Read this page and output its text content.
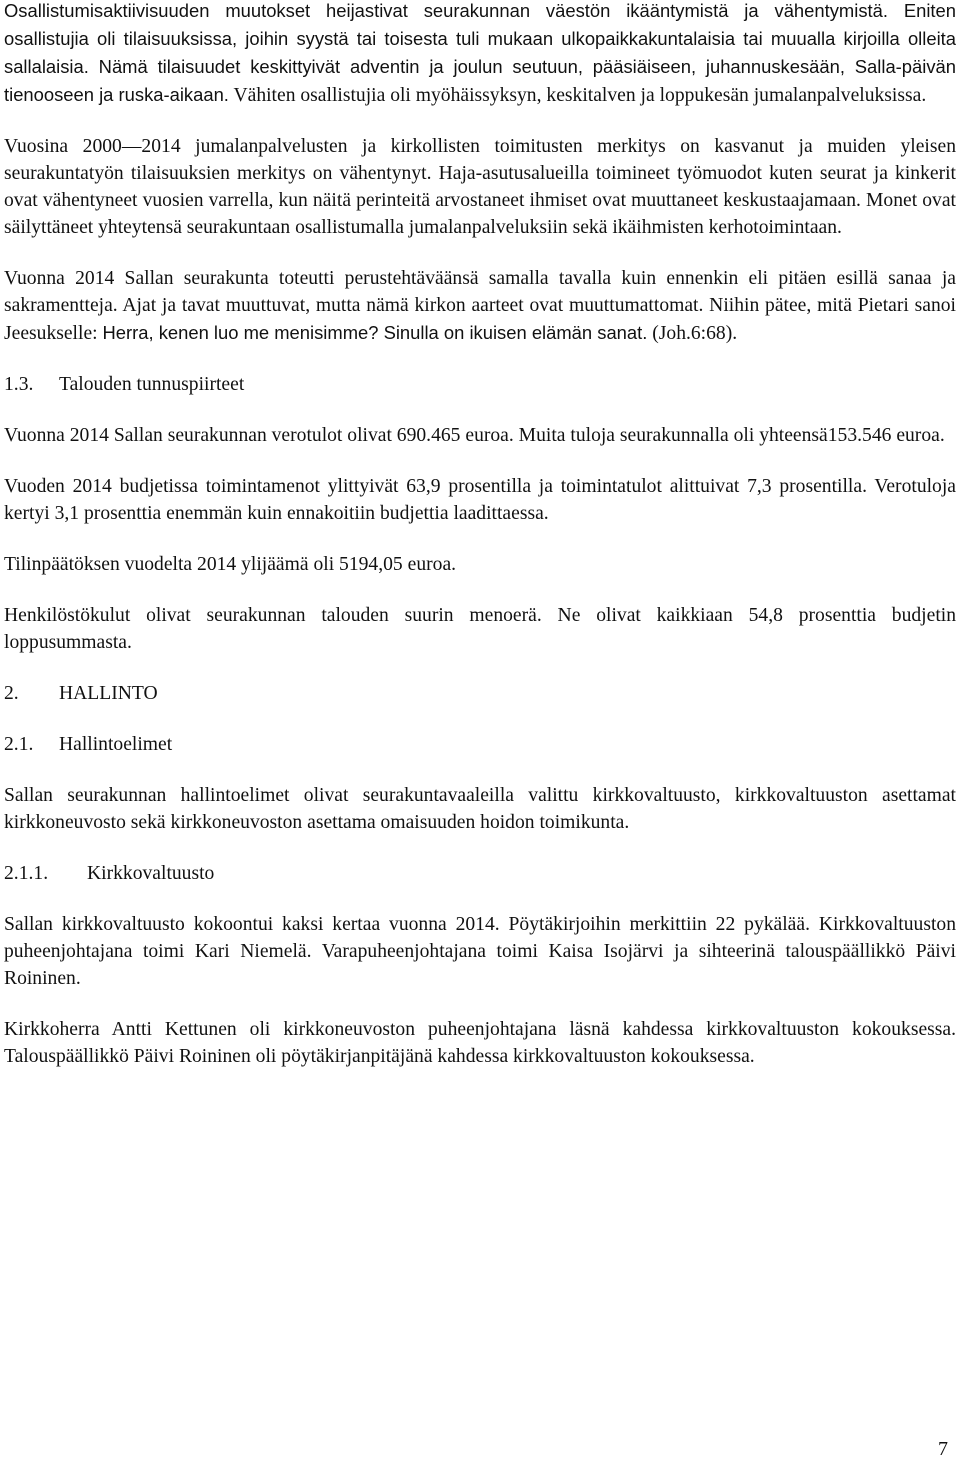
Osallistumisaktiivisuuden muutokset heijastivat seurakunnan väestön ikääntymistä ja vähentymistä. Eniten osallistujia oli tilaisuuksissa, joihin syystä tai toisesta tuli mukaan ulkopaikkakuntalaisia tai muualla kirjoilla olleita sallalaisia. Nämä tilaisuudet keskittyivät adventin ja joulun seutuun, pääsiäiseen, juhannuskesään, Salla-päivän tienooseen ja ruska-aikaan. Vähiten osallistujia oli myöhäissyksyn, keskitalven ja loppukesän jumalanpalveluksissa.

Vuosina 2000—2014 jumalanpalvelusten ja kirkollisten toimitusten merkitys on kasvanut ja muiden yleisen seurakuntatyön tilaisuuksien merkitys on vähentynyt. Haja-asutusalueilla toimineet työmuodot kuten seurat ja kinkerit ovat vähentyneet vuosien varrella, kun näitä perinteitä arvostaneet ihmiset ovat muuttaneet keskustaajamaan. Monet ovat säilyttäneet yhteytensä seurakuntaan osallistumalla jumalanpalveluksiin sekä ikäihmisten kerhotoimintaan.

Vuonna 2014 Sallan seurakunta toteutti perustehtäväänsä samalla tavalla kuin ennenkin eli pitäen esillä sanaa ja sakramentteja. Ajat ja tavat muuttuvat, mutta nämä kirkon aarteet ovat muuttumattomat. Niihin pätee, mitä Pietari sanoi Jeesukselle: Herra, kenen luo me menisimme? Sinulla on ikuisen elämän sanat. (Joh.6:68).

1.3.	Talouden tunnuspiirteet

Vuonna 2014 Sallan seurakunnan verotulot olivat 690.465 euroa. Muita tuloja seurakunnalla oli yhteensä153.546 euroa.

Vuoden 2014 budjetissa toimintamenot ylittyivät 63,9 prosentilla ja toimintatulot alittuivat 7,3 prosentilla. Verotuloja kertyi 3,1 prosenttia enemmän kuin ennakoitiin budjettia laadittaessa.

Tilinpäätöksen vuodelta 2014 ylijäämä oli 5194,05 euroa.

Henkilöstökulut olivat seurakunnan talouden suurin menoerä. Ne olivat kaikkiaan 54,8 prosenttia budjetin loppusummasta.

2.	HALLINTO
2.1.	Hallintoelimet

Sallan seurakunnan hallintoelimet olivat seurakuntavaaleilla valittu kirkkovaltuusto, kirkkovaltuuston asettamat kirkkoneuvosto sekä kirkkoneuvoston asettama omaisuuden hoidon toimikunta.

2.1.1.	Kirkkovaltuusto

Sallan kirkkovaltuusto kokoontui kaksi kertaa vuonna 2014. Pöytäkirjoihin merkittiin 22 pykälää. Kirkkovaltuuston puheenjohtajana toimi Kari Niemelä. Varapuheenjohtajana toimi Kaisa Isojärvi ja sihteerinä talouspäällikkö Päivi Roininen.

Kirkkoherra Antti Kettunen oli kirkkoneuvoston puheenjohtajana läsnä kahdessa kirkkovaltuuston kokouksessa. Talouspäällikkö Päivi Roininen oli pöytäkirjanpitäjänä kahdessa kirkkovaltuuston kokouksessa.

7
